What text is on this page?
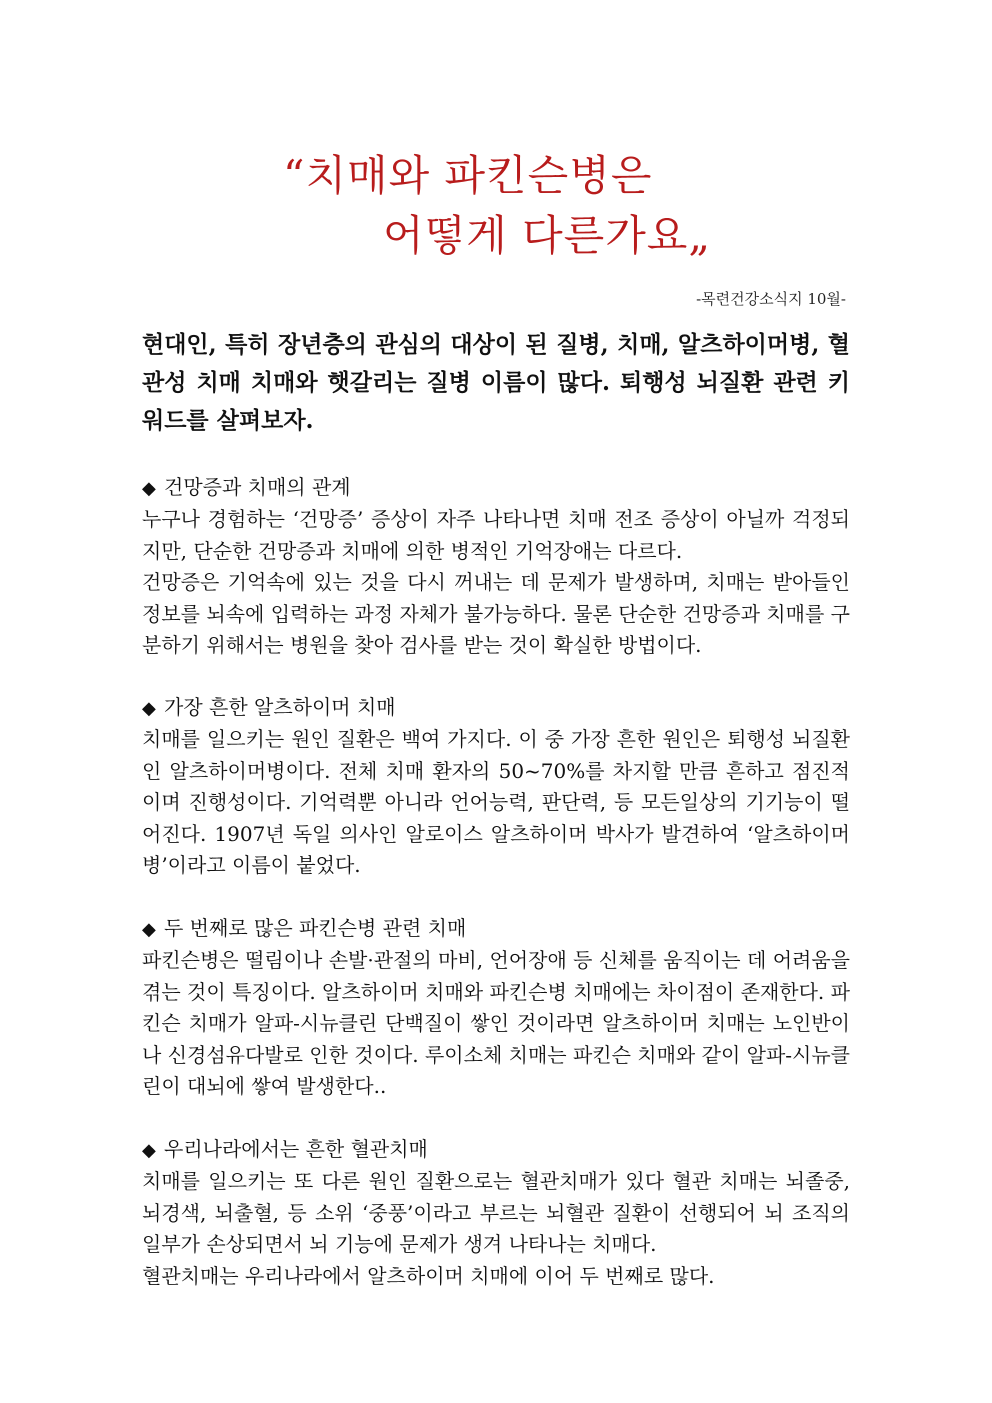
“치매와 파킨슨병은
어떻게 다른가요„
-목련건강소식지 10월-

현대인, 특히 장년층의 관심의 대상이 된 질병, 치매, 알츠하이머병, 혈관성 치매 치매와 햇갈리는 질병 이름이 많다. 퇴행성 뇌질환 관련 키워드를 살펴보자.

◆ 건망증과 치매의 관계

누구나 경험하는 ‘건망증’ 증상이 자주 나타나면 치매 전조 증상이 아닐까 걱정되지만, 단순한 건망증과 치매에 의한 병적인 기억장애는 다르다.

건망증은 기억속에 있는 것을 다시 꺼내는 데 문제가 발생하며, 치매는 받아들인 정보를 뇌속에 입력하는 과정 자체가 불가능하다. 물론 단순한 건망증과 치매를 구분하기 위해서는 병원을 찾아 검사를 받는 것이 확실한 방법이다.

◆ 가장 흔한 알츠하이머 치매

치매를 일으키는 원인 질환은 백여 가지다. 이 중 가장 흔한 원인은 퇴행성 뇌질환인 알츠하이머병이다. 전체 치매 환자의 50~70%를 차지할 만큼 흔하고 점진적이며 진행성이다. 기억력뿐 아니라 언어능력, 판단력, 등 모든일상의 기기능이 떨어진다. 1907년 독일 의사인 알로이스 알츠하이머 박사가 발견하여 ‘알츠하이머병’이라고 이름이 붙었다.

◆ 두 번째로 많은 파킨슨병 관련 치매

파킨슨병은 떨림이나 손발·관절의 마비, 언어장애 등 신체를 움직이는 데 어려움을 겪는 것이 특징이다. 알츠하이머 치매와 파킨슨병 치매에는 차이점이 존재한다. 파킨슨 치매가 알파-시뉴클린 단백질이 쌓인 것이라면 알츠하이머 치매는 노인반이나 신경섬유다발로 인한 것이다. 루이소체 치매는 파킨슨 치매와 같이 알파-시뉴클린이 대뇌에 쌓여 발생한다..

◆ 우리나라에서는 흔한 혈관치매

치매를 일으키는 또 다른 원인 질환으로는 혈관치매가 있다 혈관 치매는 뇌졸중, 뇌경색, 뇌출혈, 등 소위 ‘중풍’이라고 부르는 뇌혈관 질환이 선행되어 뇌 조직의 일부가 손상되면서 뇌 기능에 문제가 생겨 나타나는 치매다.

혈관치매는 우리나라에서 알츠하이머 치매에 이어 두 번째로 많다.
